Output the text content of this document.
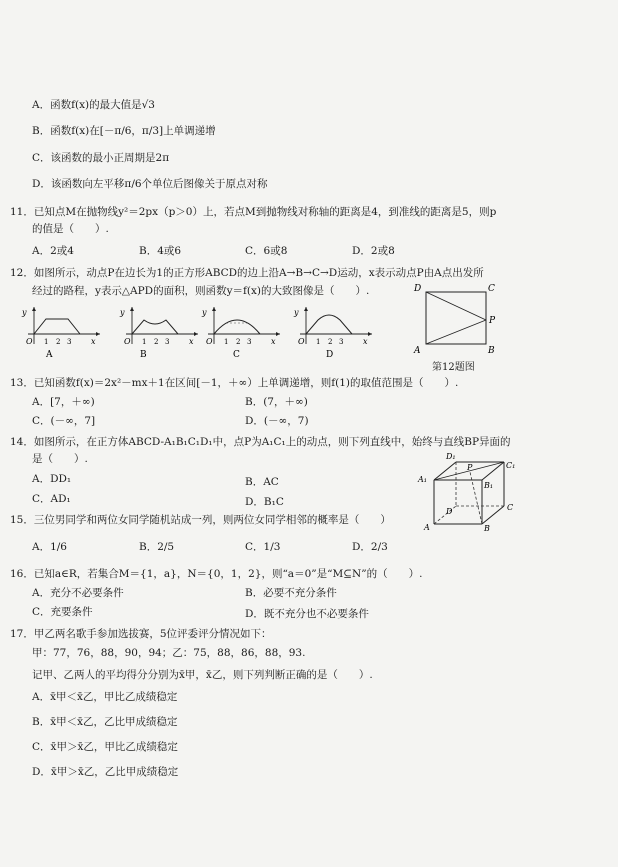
A．函数f(x)的最大值是√3
B．函数f(x)在[－π/6，π/3]上单调递增
C．该函数的最小正周期是2π
D．该函数向左平移π/6个单位后图像关于原点对称
11．已知点M在抛物线y²＝2px（p＞0）上，若点M到抛物线对称轴的距离是4，到准线的距离是5，则p
的值是（　　）.
A．2或4	B．4或6	C．6或8	D．2或8
12．如图所示，动点P在边长为1的正方形ABCD的边上沿A→B→C→D运动，x表示动点P由A点出发所
经过的路程，y表示△APD的面积，则函数y＝f(x)的大致图像是（　　）.
y
O 1 2 3 x
A
y
O 1 2 3 x
B
y
O 1 2 3 x
C
y
O 1 2 3 x
D
D	C
P
A	B
第12题图
13．已知函数f(x)＝2x²－mx＋1在区间[－1，＋∞）上单调递增，则f(1)的取值范围是（　　）.
A．[7，＋∞)	B．(7，＋∞)
C．(－∞，7]	D．(－∞，7)
14．如图所示，在正方体ABCD-A₁B₁C₁D₁中，点P为A₁C₁上的动点，则下列直线中，始终与直线BP异面的
是（　　）.
A．DD₁	B．AC
C．AD₁	D．B₁C
D₁
C₁
A₁
B₁
P
D	C
A	B
15．三位男同学和两位女同学随机站成一列，则两位女同学相邻的概率是（　　）
A．1/6	B．2/5	C．1/3	D．2/3
16．已知a∈R，若集合M＝{1，a}，N＝{0，1，2}，则“a＝0”是“M⊆N”的（　　）.
A．充分不必要条件	B．必要不充分条件
C．充要条件	D．既不充分也不必要条件
17．甲乙两名歌手参加选拔赛，5位评委评分情况如下：
甲：77，76，88，90，94；乙：75，88，86，88，93.
记甲、乙两人的平均得分分别为x̄甲，x̄乙，则下列判断正确的是（　　）.
A．x̄甲＜x̄乙，甲比乙成绩稳定
B．x̄甲＜x̄乙，乙比甲成绩稳定
C．x̄甲＞x̄乙，甲比乙成绩稳定
D．x̄甲＞x̄乙，乙比甲成绩稳定
